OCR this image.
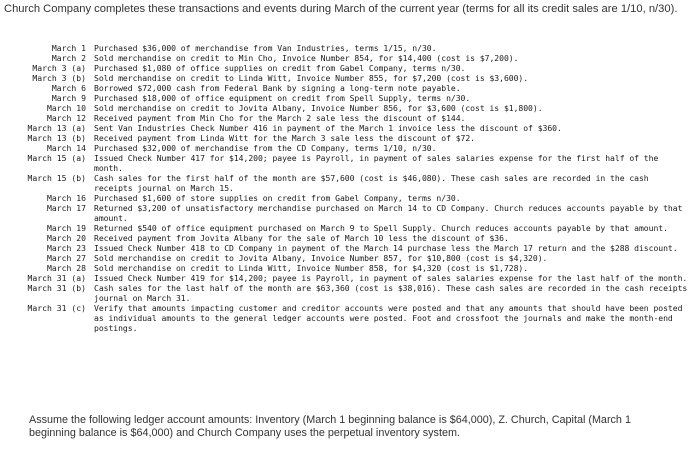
Church Company completes these transactions and events during March of the current year (terms for all its credit sales are 1/10, n/30).
March 1 Purchased $36,000 of merchandise from Van Industries, terms 1/15, n/30.
March 2 Sold merchandise on credit to Min Cho, Invoice Number 854, for $14,400 (cost is $7,200).
March 3 (a) Purchased $1,080 of office supplies on credit from Gabel Company, terms n/30.
March 3 (b) Sold merchandise on credit to Linda Witt, Invoice Number 855, for $7,200 (cost is $3,600).
March 6 Borrowed $72,000 cash from Federal Bank by signing a long-term note payable.
March 9 Purchased $18,000 of office equipment on credit from Spell Supply, terms n/30.
March 10 Sold merchandise on credit to Jovita Albany, Invoice Number 856, for $3,600 (cost is $1,800).
March 12 Received payment from Min Cho for the March 2 sale less the discount of $144.
March 13 (a) Sent Van Industries Check Number 416 in payment of the March 1 invoice less the discount of $360.
March 13 (b) Received payment from Linda Witt for the March 3 sale less the discount of $72.
March 14 Purchased $32,000 of merchandise from the CD Company, terms 1/10, n/30.
March 15 (a) Issued Check Number 417 for $14,200; payee is Payroll, in payment of sales salaries expense for the first half of the month.
March 15 (b) Cash sales for the first half of the month are $57,600 (cost is $46,080). These cash sales are recorded in the cash receipts journal on March 15.
March 16 Purchased $1,600 of store supplies on credit from Gabel Company, terms n/30.
March 17 Returned $3,200 of unsatisfactory merchandise purchased on March 14 to CD Company. Church reduces accounts payable by that amount.
March 19 Returned $540 of office equipment purchased on March 9 to Spell Supply. Church reduces accounts payable by that amount.
March 20 Received payment from Jovita Albany for the sale of March 10 less the discount of $36.
March 23 Issued Check Number 418 to CD Company in payment of the March 14 purchase less the March 17 return and the $288 discount.
March 27 Sold merchandise on credit to Jovita Albany, Invoice Number 857, for $10,800 (cost is $4,320).
March 28 Sold merchandise on credit to Linda Witt, Invoice Number 858, for $4,320 (cost is $1,728).
March 31 (a) Issued Check Number 419 for $14,200; payee is Payroll, in payment of sales salaries expense for the last half of the month.
March 31 (b) Cash sales for the last half of the month are $63,360 (cost is $38,016). These cash sales are recorded in the cash receipts journal on March 31.
March 31 (c) Verify that amounts impacting customer and creditor accounts were posted and that any amounts that should have been posted as individual amounts to the general ledger accounts were posted. Foot and crossfoot the journals and make the month-end postings.
Assume the following ledger account amounts: Inventory (March 1 beginning balance is $64,000), Z. Church, Capital (March 1 beginning balance is $64,000) and Church Company uses the perpetual inventory system.
